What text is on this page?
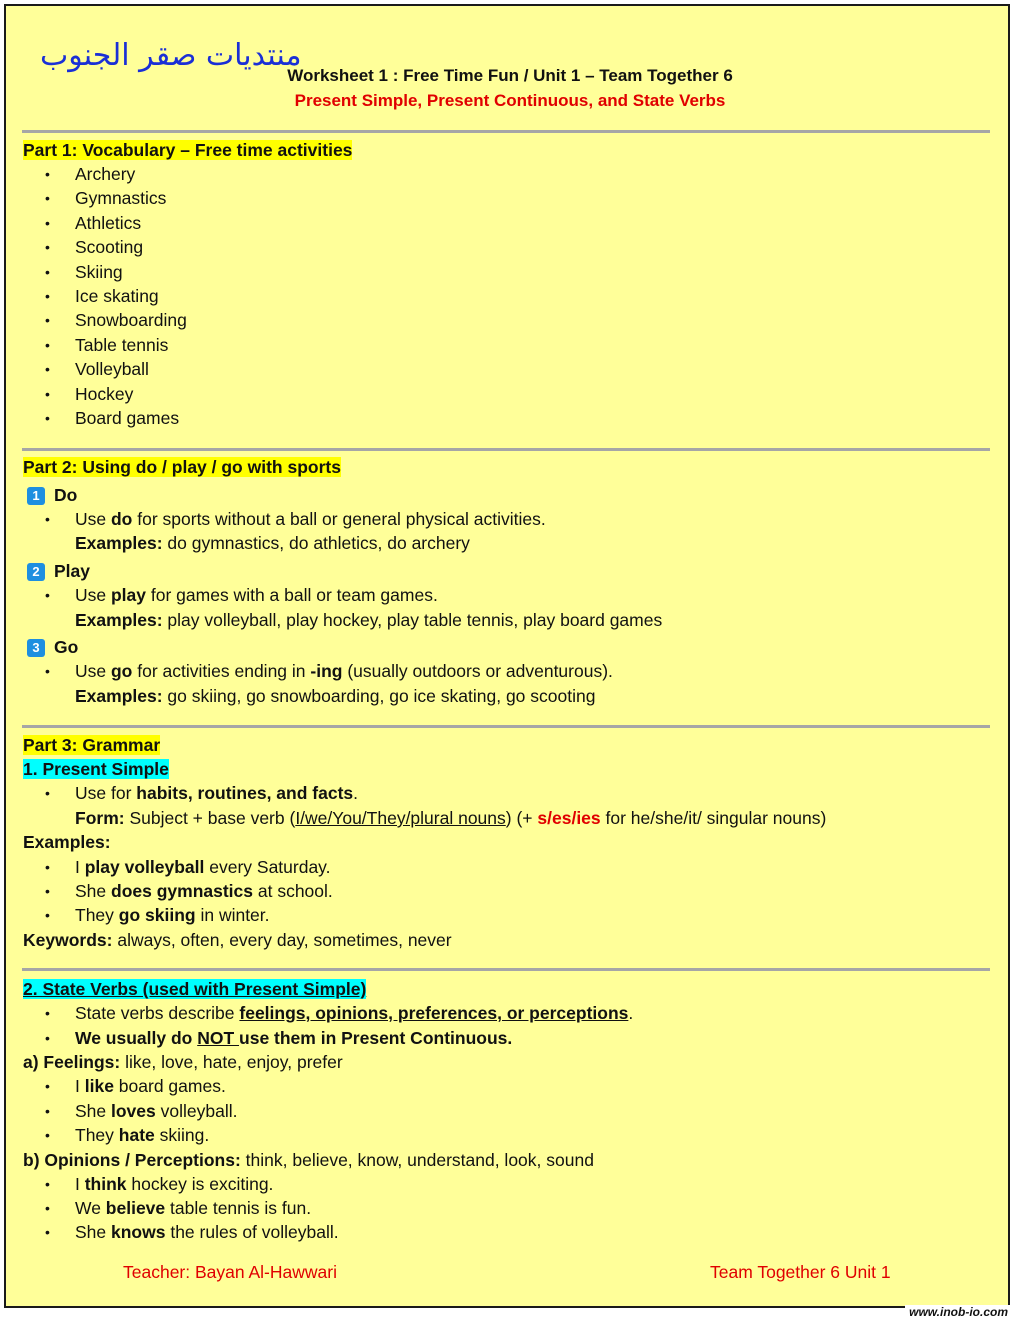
منتديات صقر الجنوب
Worksheet 1 : Free Time Fun / Unit 1 – Team Together 6
Present Simple, Present Continuous, and State Verbs
Part 1: Vocabulary – Free time activities
• Archery
• Gymnastics
• Athletics
• Scooting
• Skiing
• Ice skating
• Snowboarding
• Table tennis
• Volleyball
• Hockey
• Board games
Part 2: Using do / play / go with sports
1 Do
• Use do for sports without a ball or general physical activities.
Examples: do gymnastics, do athletics, do archery
2 Play
• Use play for games with a ball or team games.
Examples: play volleyball, play hockey, play table tennis, play board games
3 Go
• Use go for activities ending in -ing (usually outdoors or adventurous).
Examples: go skiing, go snowboarding, go ice skating, go scooting
Part 3: Grammar
1. Present Simple
• Use for habits, routines, and facts.
Form: Subject + base verb (I/we/You/They/plural nouns) (+ s/es/ies for he/she/it/ singular nouns)
Examples:
• I play volleyball every Saturday.
• She does gymnastics at school.
• They go skiing in winter.
Keywords: always, often, every day, sometimes, never
2. State Verbs (used with Present Simple)
• State verbs describe feelings, opinions, preferences, or perceptions.
• We usually do NOT use them in Present Continuous.
a) Feelings: like, love, hate, enjoy, prefer
• I like board games.
• She loves volleyball.
• They hate skiing.
b) Opinions / Perceptions: think, believe, know, understand, look, sound
• I think hockey is exciting.
• We believe table tennis is fun.
• She knows the rules of volleyball.
Teacher: Bayan Al-Hawwari	Team Together 6 Unit 1
www.inob-io.com
